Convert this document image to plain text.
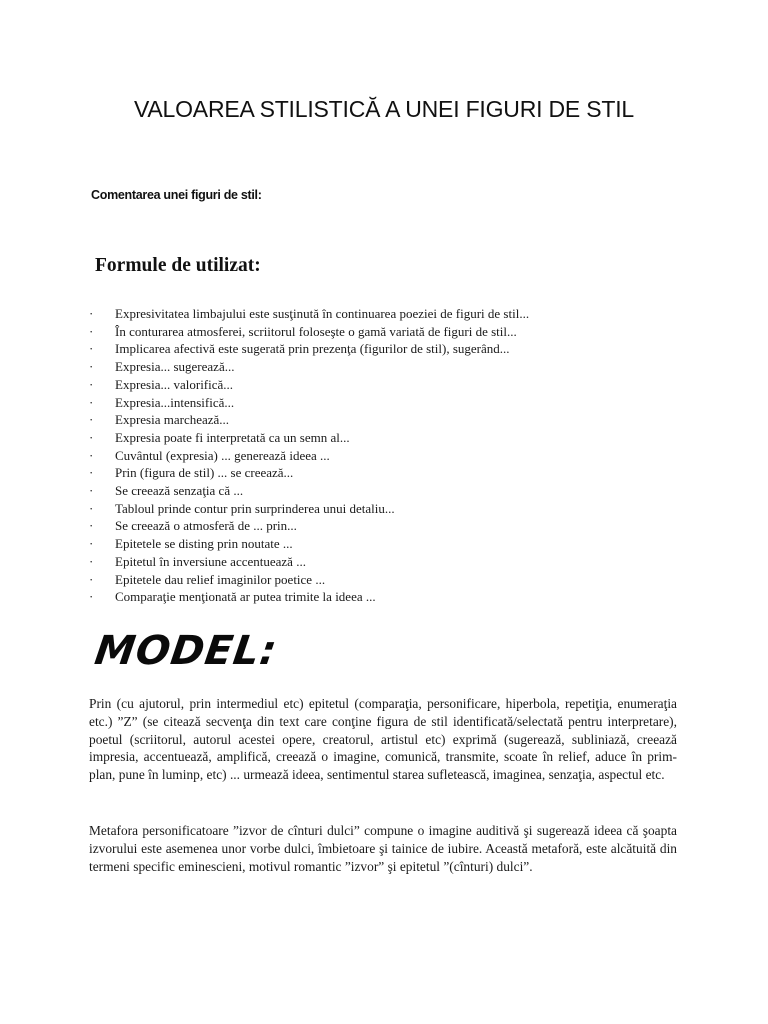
VALOAREA STILISTICĂ A UNEI FIGURI DE STIL
Comentarea unei figuri de stil:
Formule de utilizat:
· Expresivitatea limbajului este susţinută în continuarea poeziei de figuri de stil...
· În conturarea atmosferei, scriitorul foloseşte o gamă variată de figuri de stil...
· Implicarea afectivă este sugerată prin prezenţa (figurilor de stil), sugerând...
· Expresia... sugerează...
· Expresia... valorifică...
· Expresia...intensifică...
· Expresia marchează...
· Expresia poate fi interpretată ca un semn al...
· Cuvântul (expresia) ... generează ideea ...
· Prin (figura de stil) ... se creează...
· Se creează senzaţia că ...
· Tabloul prinde contur prin surprinderea unui detaliu...
· Se creează o atmosferă de ... prin...
· Epitetele se disting prin noutate ...
· Epitetul în inversiune accentuează ...
· Epitetele dau relief imaginilor poetice ...
· Comparaţie menţionată ar putea trimite la ideea ...
MODEL:

Prin (cu ajutorul, prin intermediul etc) epitetul (comparaţia, personificare, hiperbola, repetiţia, enumeraţia etc.) ”Z” (se citează secvenţa din text care conţine figura de stil identificată/selectată pentru interpretare), poetul (scriitorul, autorul acestei opere, creatorul, artistul etc) exprimă (sugerează, subliniază, creează impresia, accentuează, amplifică, creează o imagine, comunică, transmite, scoate în relief, aduce în prim-plan, pune în luminp, etc) ... urmează ideea, sentimentul starea sufletească, imaginea, senzaţia, aspectul etc.

Metafora personificatoare ”izvor de cînturi dulci” compune o imagine auditivă şi sugerează ideea că şoapta izvorului este asemenea unor vorbe dulci, îmbietoare şi tainice de iubire. Această metaforă, este alcătuită din termeni specific eminescieni, motivul romantic ”izvor” şi epitetul ”(cînturi) dulci”.
